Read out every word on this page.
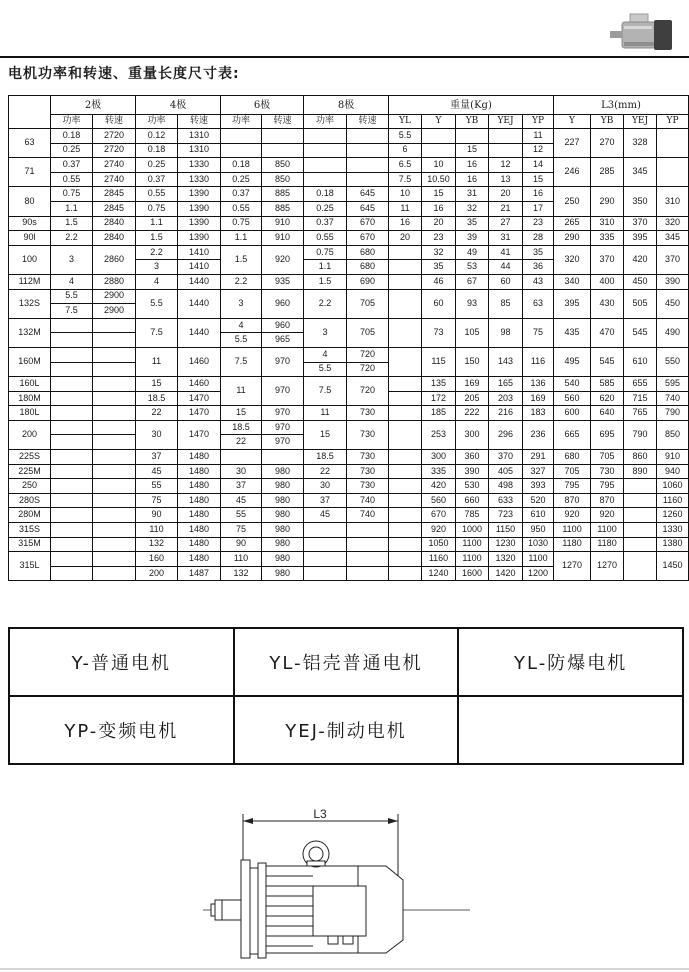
电机功率和转速、重量长度尺寸表:
	2极		4极		6极		8极		重量(Kg)					L3(mm)			
	功率	转速	功率	转速	功率	转速	功率	转速	YL	Y	YB	YEJ	YP	Y	YB	YEJ	YP
63	0.18	2720	0.12	1310					5.5				11	227	270	328	
	0.25	2720	0.18	1310					6		15		12				
71	0.37	2740	0.25	1330	0.18	850			6.5	10	16	12	14	246	285	345	
	0.55	2740	0.37	1330	0.25	850			7.5	10.50	16	13	15				
80	0.75	2845	0.55	1390	0.37	885	0.18	645	10	15	31	20	16	250	290	350	310
	1.1	2845	0.75	1390	0.55	885	0.25	645	11	16	32	21	17				
90s	1.5	2840	1.1	1390	0.75	910	0.37	670	16	20	35	27	23	265	310	370	320
90l	2.2	2840	1.5	1390	1.1	910	0.55	670	20	23	39	31	28	290	335	395	345
100	3	2860	2.2	1410	1.5	920	0.75	680		32	49	41	35	320	370	420	370
			3	1410			1.1	680		35	53	44	36				
112M	4	2880	4	1440	2.2	935	1.5	690		46	67	60	43	340	400	450	390
132S	5.5	2900	5.5	1440	3	960	2.2	705		60	93	85	63	395	430	505	450
	7.5	2900															
132M			7.5	1440	4	960	3	705		73	105	98	75	435	470	545	490
					5.5	965											
160M			11	1460	7.5	970	4	720		115	150	143	116	495	545	610	550
							5.5	720									
160L			15	1460	11	970	7.5	720		135	169	165	136	540	585	655	595
180M			18.5	1470						172	205	203	169	560	620	715	740
180L			22	1470	15	970	11	730		185	222	216	183	600	640	765	790
200			30	1470	18.5	970	15	730		253	300	296	236	665	695	790	850
					22	970											
225S			37	1480			18.5	730		300	360	370	291	680	705	860	910
225M			45	1480	30	980	22	730		335	390	405	327	705	730	890	940
250			55	1480	37	980	30	730		420	530	498	393	795	795		1060
280S			75	1480	45	980	37	740		560	660	633	520	870	870		1160
280M			90	1480	55	980	45	740		670	785	723	610	920	920		1260
315S			110	1480	75	980				920	1000	1150	950	1100	1100		1330
315M			132	1480	90	980				1050	1100	1230	1030	1180	1180		1380
315L			160	1480	110	980				1160	1100	1320	1100	1270	1270		1450
			200	1487	132	980				1240	1600	1420	1200				
Y-普通电机	YL-铝壳普通电机	YL-防爆电机
YP-变频电机	YEJ-制动电机	
L3
